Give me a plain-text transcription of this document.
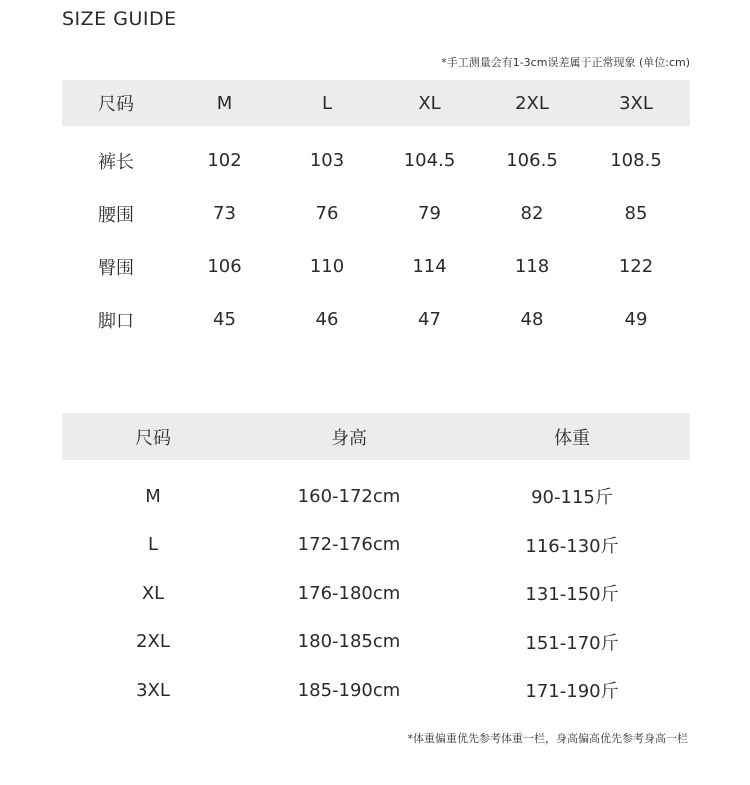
SIZE GUIDE
*手工测量会有1-3cm误差属于正常现象 (单位:cm)
尺码	M	L	XL	2XL	3XL
裤长	102	103	104.5	106.5	108.5
腰围	73	76	79	82	85
臀围	106	110	114	118	122
脚口	45	46	47	48	49
尺码	身高	体重
M	160-172cm	90-115斤
L	172-176cm	116-130斤
XL	176-180cm	131-150斤
2XL	180-185cm	151-170斤
3XL	185-190cm	171-190斤
*体重偏重优先参考体重一栏，身高偏高优先参考身高一栏
